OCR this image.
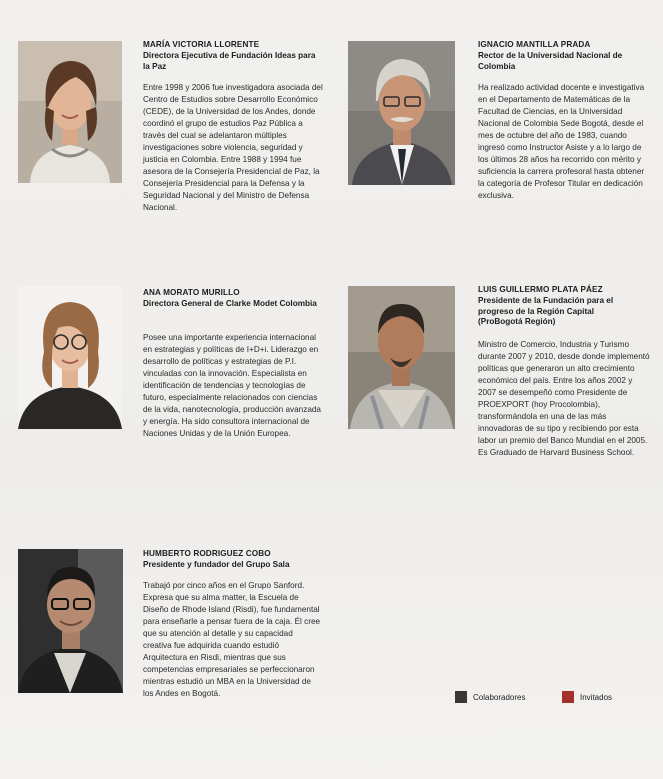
MARÍA VICTORIA LLORENTE
Directora Ejecutiva de Fundación Ideas para la Paz
Entre 1998 y 2006 fue investigadora asociada del Centro de Estudios sobre Desarrollo Económico (CEDE), de la Universidad de los Andes, donde coordinó el grupo de estudios Paz Pública a través del cual se adelantaron múltiples investigaciones sobre violencia, seguridad y justicia en Colombia. Entre 1988 y 1994 fue asesora de la Consejería Presidencial de Paz, la Consejería Presidencial para la Defensa y la Seguridad Nacional y del Ministro de Defensa Nacional.
IGNACIO MANTILLA PRADA
Rector de la Universidad Nacional de Colombia
Ha realizado actividad docente e investigativa en el Departamento de Matemáticas de la Facultad de Ciencias, en la Universidad Nacional de Colombia Sede Bogotá, desde el mes de octubre del año de 1983, cuando ingresó como Instructor Asiste y a lo largo de los últimos 28 años ha recorrido con mérito y suficiencia la carrera profesoral hasta obtener la categoría de Profesor Titular en dedicación exclusiva.
ANA MORATO MURILLO
Directora General de Clarke Modet Colombia
Posee una importante experiencia internacional en estrategias y políticas de I+D+i. Liderazgo en desarrollo de políticas y estrategias de P.I. vinculadas con la innovación. Especialista en identificación de tendencias y tecnologías de futuro, especialmente relacionados con ciencias de la vida, nanotecnología, producción avanzada y energía. Ha sido consultora internacional de Naciones Unidas y de la Unión Europea.
LUIS GUILLERMO PLATA PÁEZ
Presidente de la Fundación para el progreso de la Región Capital (ProBogotá Región)
Ministro de Comercio, Industria y Turismo durante 2007 y 2010, desde donde implementó políticas que generaron un alto crecimiento económico del país. Entre los años 2002 y 2007 se desempeñó como Presidente de PROEXPORT (hoy Procolombia), transformándola en una de las más innovadoras de su tipo y recibiendo por esta labor un premio del Banco Mundial en el 2005. Es Graduado de Harvard Business School.
HUMBERTO RODRIGUEZ COBO
Presidente y fundador del Grupo Sala
Trabajó por cinco años en el Grupo Sanford. Expresa que su alma matter, la Escuela de Diseño de Rhode Island (Risdi), fue fundamental para enseñarle a pensar fuera de la caja. Él cree que su atención al detalle y su capacidad creativa fue adquirida cuando estudió Arquitectura en Risdi, mientras que sus competencias empresariales se perfeccionaron mientras estudió un MBA en la Universidad de los Andes en Bogotá.	Colaboradores	Invitados
